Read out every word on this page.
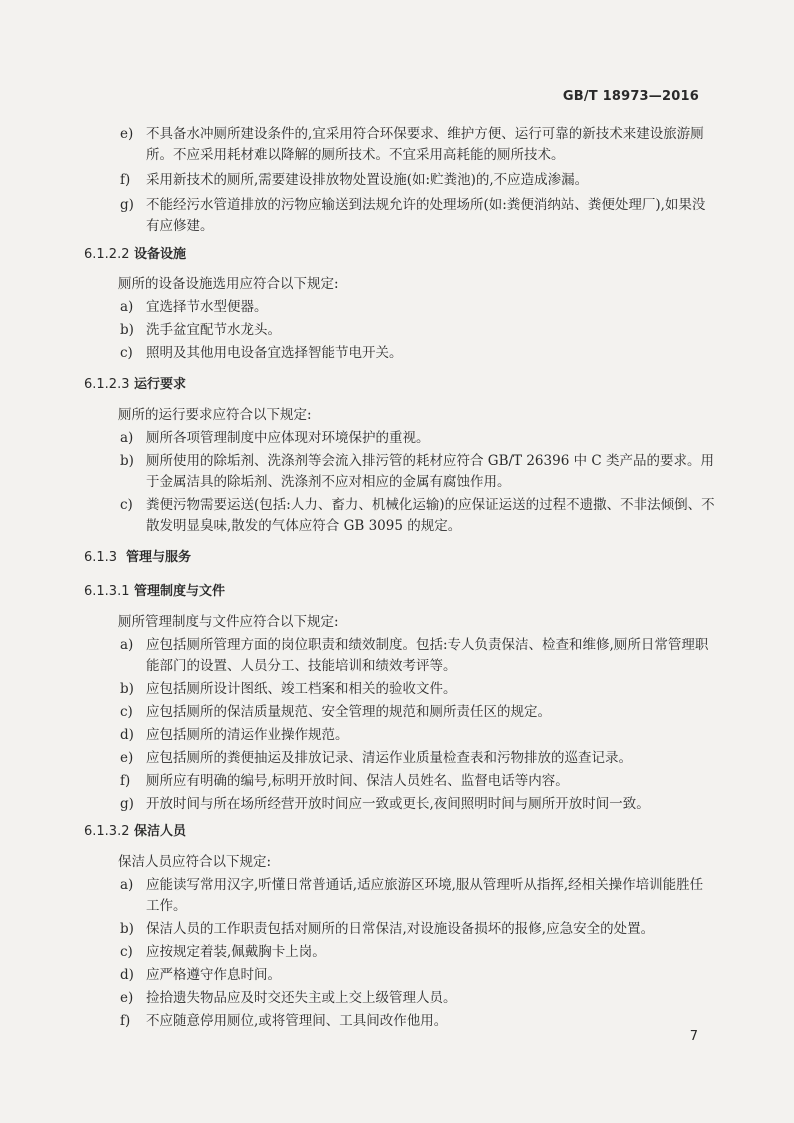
GB/T 18973—2016
e) 不具备水冲厕所建设条件的,宜采用符合环保要求、维护方便、运行可靠的新技术来建设旅游厕所。不应采用耗材难以降解的厕所技术。不宜采用高耗能的厕所技术。
f)	采用新技术的厕所,需要建设排放物处置设施(如:贮粪池)的,不应造成渗漏。
g) 不能经污水管道排放的污物应输送到法规允许的处理场所(如:粪便消纳站、粪便处理厂),如果没有应修建。
6.1.2.2 设备设施
厕所的设备设施选用应符合以下规定:
a) 宜选择节水型便器。
b) 洗手盆宜配节水龙头。
c) 照明及其他用电设备宜选择智能节电开关。
6.1.2.3 运行要求
厕所的运行要求应符合以下规定:
a) 厕所各项管理制度中应体现对环境保护的重视。
b) 厕所使用的除垢剂、洗涤剂等会流入排污管的耗材应符合 GB/T 26396 中 C 类产品的要求。用于金属洁具的除垢剂、洗涤剂不应对相应的金属有腐蚀作用。
c) 粪便污物需要运送(包括:人力、畜力、机械化运输)的应保证运送的过程不遗撒、不非法倾倒、不散发明显臭味,散发的气体应符合 GB 3095 的规定。
6.1.3 管理与服务
6.1.3.1 管理制度与文件
厕所管理制度与文件应符合以下规定:
a) 应包括厕所管理方面的岗位职责和绩效制度。包括:专人负责保洁、检查和维修,厕所日常管理职能部门的设置、人员分工、技能培训和绩效考评等。
b) 应包括厕所设计图纸、竣工档案和相关的验收文件。
c) 应包括厕所的保洁质量规范、安全管理的规范和厕所责任区的规定。
d) 应包括厕所的清运作业操作规范。
e) 应包括厕所的粪便抽运及排放记录、清运作业质量检查表和污物排放的巡查记录。
f)	厕所应有明确的编号,标明开放时间、保洁人员姓名、监督电话等内容。
g) 开放时间与所在场所经营开放时间应一致或更长,夜间照明时间与厕所开放时间一致。
6.1.3.2 保洁人员
保洁人员应符合以下规定:
a) 应能读写常用汉字,听懂日常普通话,适应旅游区环境,服从管理听从指挥,经相关操作培训能胜任工作。
b) 保洁人员的工作职责包括对厕所的日常保洁,对设施设备损坏的报修,应急安全的处置。
c) 应按规定着装,佩戴胸卡上岗。
d) 应严格遵守作息时间。
e) 捡拾遗失物品应及时交还失主或上交上级管理人员。
f)	不应随意停用厕位,或将管理间、工具间改作他用。
7
